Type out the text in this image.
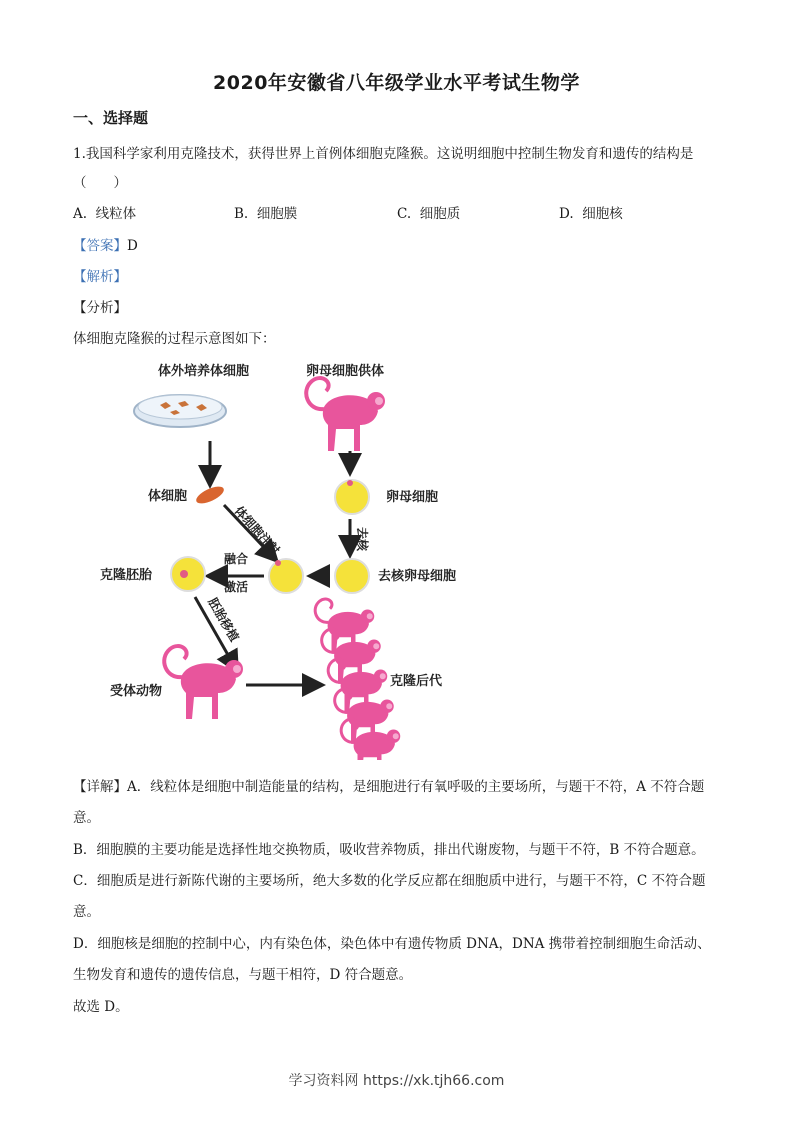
2020年安徽省八年级学业水平考试生物学
一、选择题
1.我国科学家利用克隆技术，获得世界上首例体细胞克隆猴。这说明细胞中控制生物发育和遗传的结构是
（　　）
A. 线粒体	B. 细胞膜	C. 细胞质	D. 细胞核
【答案】D
【解析】
【分析】
体细胞克隆猴的过程示意图如下：
体外培养体细胞	卵母细胞供体
体细胞	卵母细胞
体细胞注射	去核
去核卵母细胞
融合
激活
克隆胚胎
胚胎移植
受体动物
克隆后代
【详解】A．线粒体是细胞中制造能量的结构，是细胞进行有氧呼吸的主要场所，与题干不符，A 不符合题
意。
B．细胞膜的主要功能是选择性地交换物质，吸收营养物质，排出代谢废物，与题干不符，B 不符合题意。
C．细胞质是进行新陈代谢的主要场所，绝大多数的化学反应都在细胞质中进行，与题干不符，C 不符合题
意。
D．细胞核是细胞的控制中心，内有染色体，染色体中有遗传物质 DNA，DNA 携带着控制细胞生命活动、
生物发育和遗传的遗传信息，与题干相符，D 符合题意。
故选 D。
学习资料网 https://xk.tjh66.com
